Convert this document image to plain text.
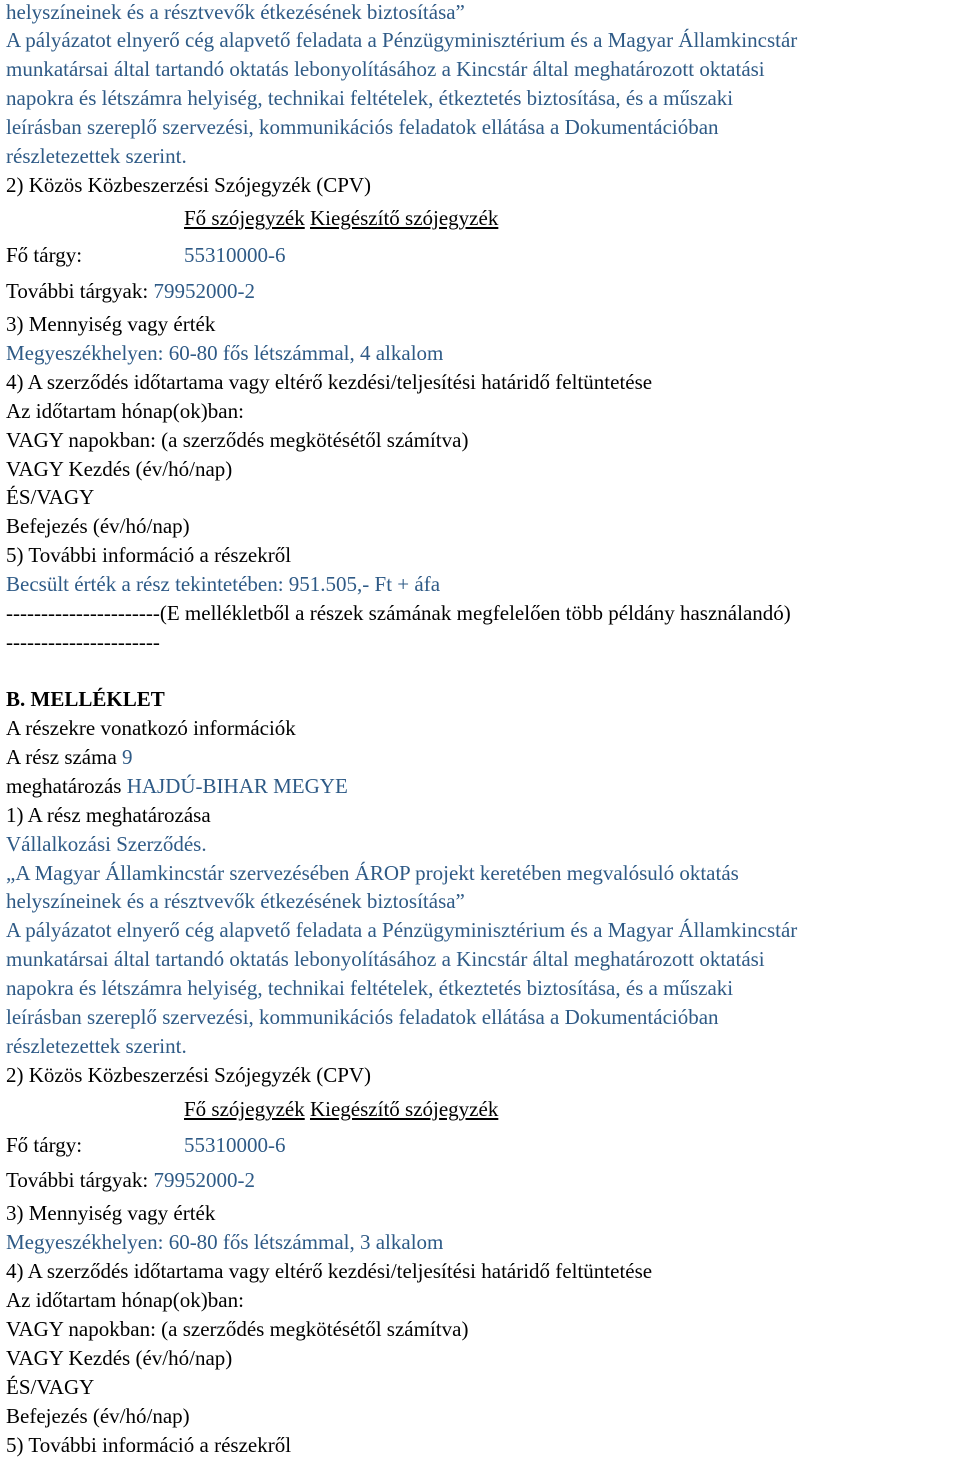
helyszíneinek és a résztvevők étkezésének biztosítása”
A pályázatot elnyerő cég alapvető feladata a Pénzügyminisztérium és a Magyar Államkincstár
munkatársai által tartandó oktatás lebonyolításához a Kincstár által meghatározott oktatási
napokra és létszámra helyiség, technikai feltételek, étkeztetés biztosítása, és a műszaki
leírásban szereplő szervezési, kommunikációs feladatok ellátása a Dokumentációban
részletezettek szerint.
2) Közös Közbeszerzési Szójegyzék (CPV)
Fő szójegyzék Kiegészítő szójegyzék
Fő tárgy:	55310000-6
További tárgyak: 79952000-2
3) Mennyiség vagy érték
Megyeszékhelyen: 60-80 fős létszámmal, 4 alkalom
4) A szerződés időtartama vagy eltérő kezdési/teljesítési határidő feltüntetése
Az időtartam hónap(ok)ban:
VAGY napokban: (a szerződés megkötésétől számítva)
VAGY Kezdés (év/hó/nap)
ÉS/VAGY
Befejezés (év/hó/nap)
5) További információ a részekről
Becsült érték a rész tekintetében: 951.505,- Ft + áfa
----------------------(E mellékletből a részek számának megfelelően több példány használandó)
----------------------
B. MELLÉKLET
A részekre vonatkozó információk
A rész száma 9
meghatározás HAJDÚ-BIHAR MEGYE
1) A rész meghatározása
Vállalkozási Szerződés.
„A Magyar Államkincstár szervezésében ÁROP projekt keretében megvalósuló oktatás
helyszíneinek és a résztvevők étkezésének biztosítása”
A pályázatot elnyerő cég alapvető feladata a Pénzügyminisztérium és a Magyar Államkincstár
munkatársai által tartandó oktatás lebonyolításához a Kincstár által meghatározott oktatási
napokra és létszámra helyiség, technikai feltételek, étkeztetés biztosítása, és a műszaki
leírásban szereplő szervezési, kommunikációs feladatok ellátása a Dokumentációban
részletezettek szerint.
2) Közös Közbeszerzési Szójegyzék (CPV)
Fő szójegyzék Kiegészítő szójegyzék
Fő tárgy:	55310000-6
További tárgyak: 79952000-2
3) Mennyiség vagy érték
Megyeszékhelyen: 60-80 fős létszámmal, 3 alkalom
4) A szerződés időtartama vagy eltérő kezdési/teljesítési határidő feltüntetése
Az időtartam hónap(ok)ban:
VAGY napokban: (a szerződés megkötésétől számítva)
VAGY Kezdés (év/hó/nap)
ÉS/VAGY
Befejezés (év/hó/nap)
5) További információ a részekről
